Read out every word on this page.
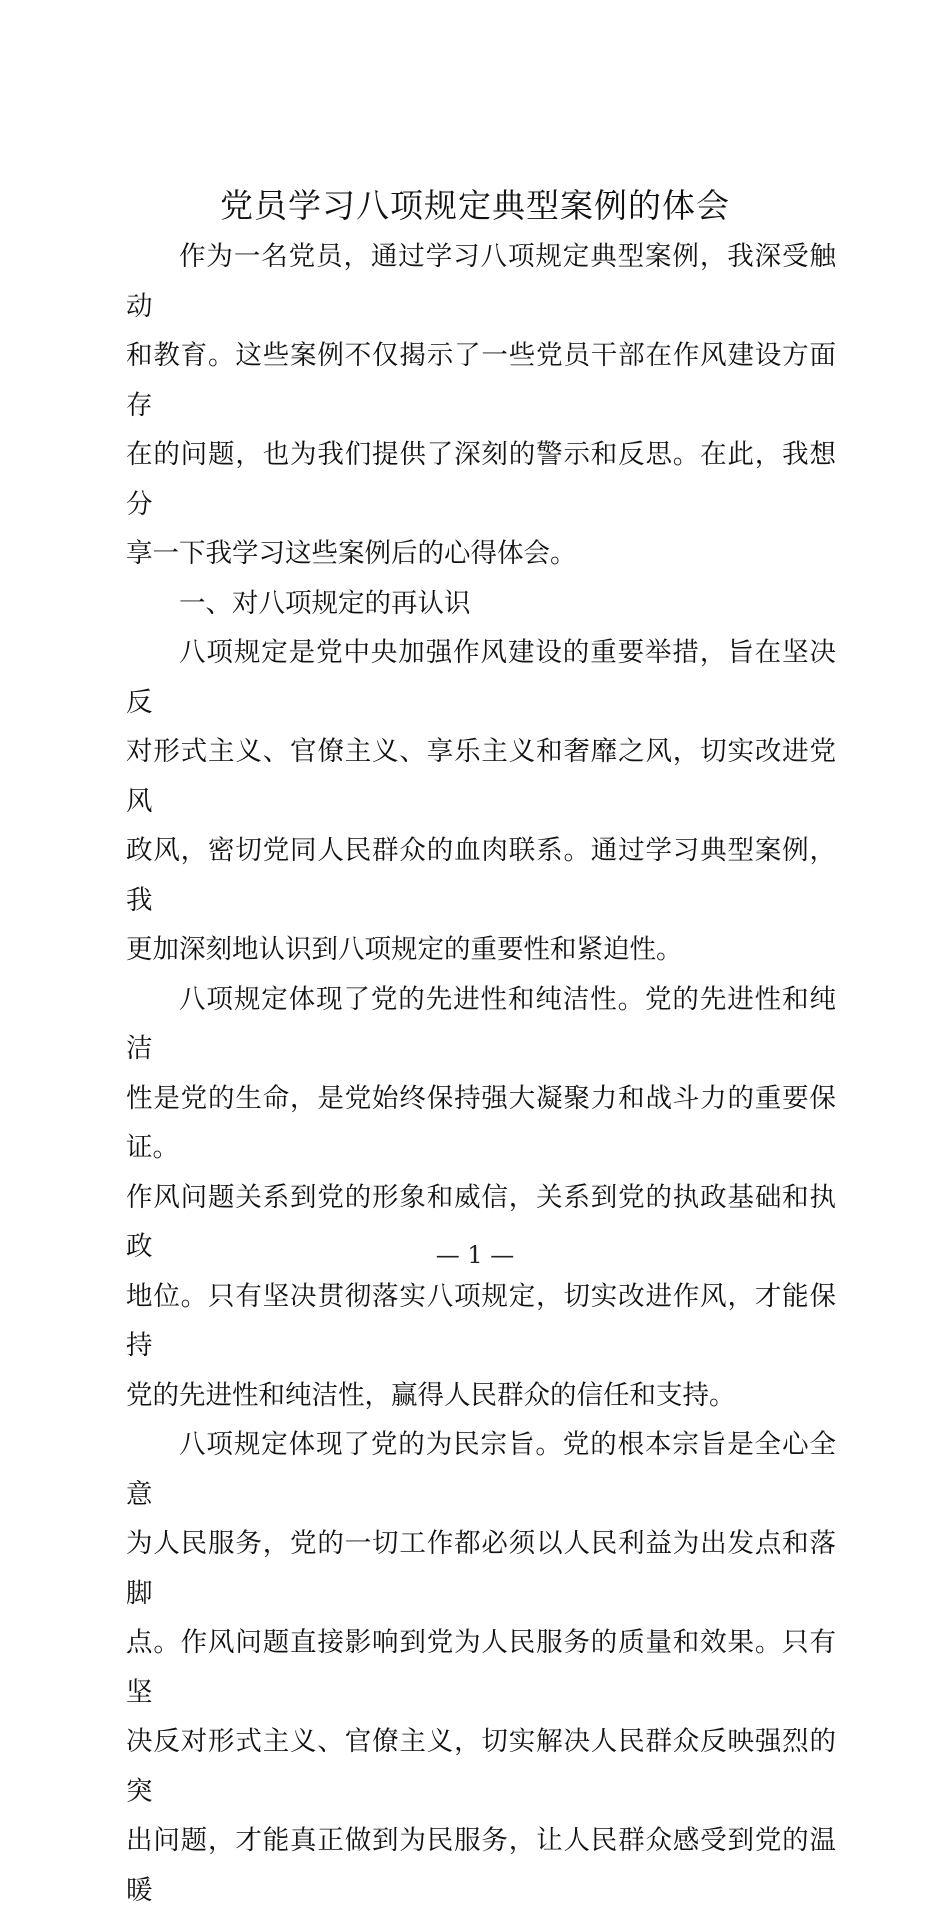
党员学习八项规定典型案例的体会

作为一名党员，通过学习八项规定典型案例，我深受触动
和教育。这些案例不仅揭示了一些党员干部在作风建设方面存
在的问题，也为我们提供了深刻的警示和反思。在此，我想分
享一下我学习这些案例后的心得体会。

一、对八项规定的再认识

八项规定是党中央加强作风建设的重要举措，旨在坚决反
对形式主义、官僚主义、享乐主义和奢靡之风，切实改进党风
政风，密切党同人民群众的血肉联系。通过学习典型案例，我
更加深刻地认识到八项规定的重要性和紧迫性。

八项规定体现了党的先进性和纯洁性。党的先进性和纯洁
性是党的生命，是党始终保持强大凝聚力和战斗力的重要保证。
作风问题关系到党的形象和威信，关系到党的执政基础和执政
地位。只有坚决贯彻落实八项规定，切实改进作风，才能保持
党的先进性和纯洁性，赢得人民群众的信任和支持。

八项规定体现了党的为民宗旨。党的根本宗旨是全心全意
为人民服务，党的一切工作都必须以人民利益为出发点和落脚
点。作风问题直接影响到党为人民服务的质量和效果。只有坚
决反对形式主义、官僚主义，切实解决人民群众反映强烈的突
出问题，才能真正做到为民服务，让人民群众感受到党的温暖

— 1 —
